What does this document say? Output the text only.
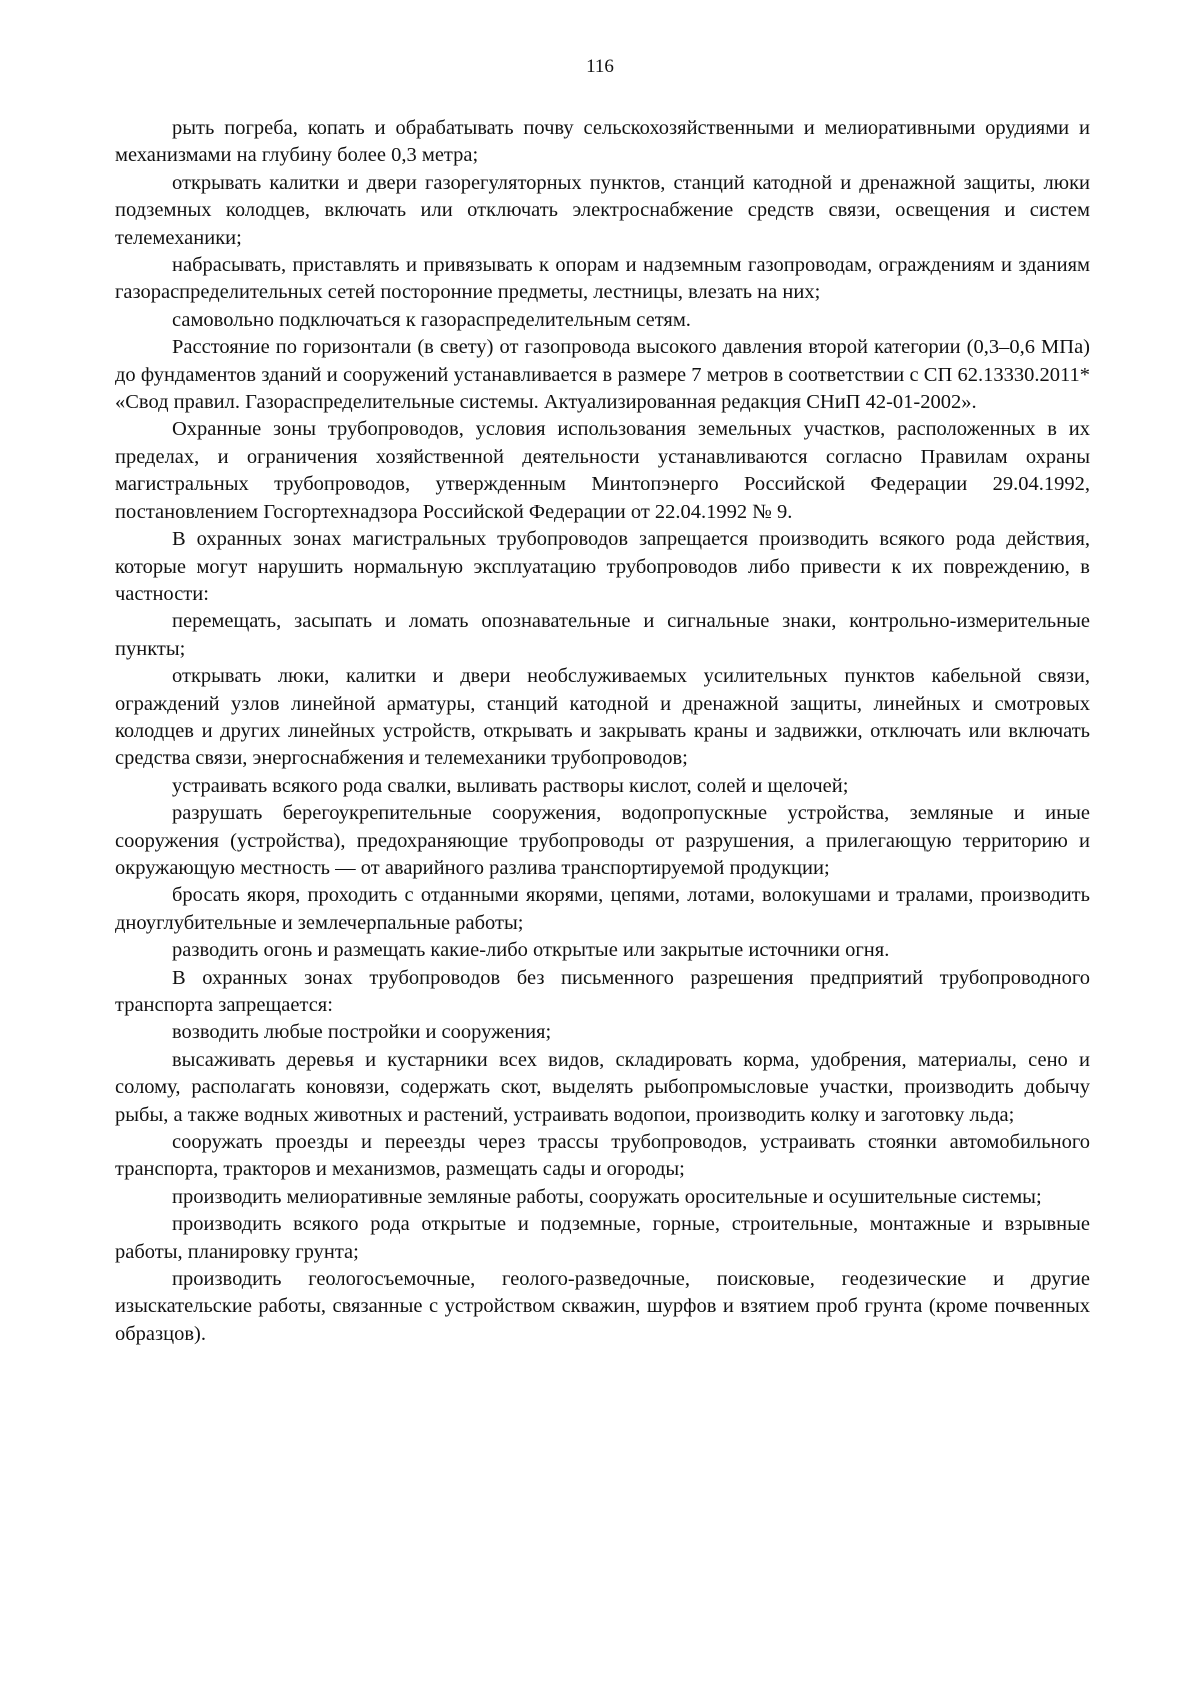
116

рыть погреба, копать и обрабатывать почву сельскохозяйственными и мелиоративными орудиями и механизмами на глубину более 0,3 метра;

открывать калитки и двери газорегуляторных пунктов, станций катодной и дренажной защиты, люки подземных колодцев, включать или отключать электроснабжение средств связи, освещения и систем телемеханики;

набрасывать, приставлять и привязывать к опорам и надземным газопроводам, ограждениям и зданиям газораспределительных сетей посторонние предметы, лестницы, влезать на них;

самовольно подключаться к газораспределительным сетям.

Расстояние по горизонтали (в свету) от газопровода высокого давления второй категории (0,3–0,6 МПа) до фундаментов зданий и сооружений устанавливается в размере 7 метров в соответствии с СП 62.13330.2011* «Свод правил. Газораспределительные системы. Актуализированная редакция СНиП 42-01-2002».

Охранные зоны трубопроводов, условия использования земельных участков, расположенных в их пределах, и ограничения хозяйственной деятельности устанавливаются согласно Правилам охраны магистральных трубопроводов, утвержденным Минтопэнерго Российской Федерации 29.04.1992, постановлением Госгортехнадзора Российской Федерации от 22.04.1992 № 9.

В охранных зонах магистральных трубопроводов запрещается производить всякого рода действия, которые могут нарушить нормальную эксплуатацию трубопроводов либо привести к их повреждению, в частности:

перемещать, засыпать и ломать опознавательные и сигнальные знаки, контрольно-измерительные пункты;

открывать люки, калитки и двери необслуживаемых усилительных пунктов кабельной связи, ограждений узлов линейной арматуры, станций катодной и дренажной защиты, линейных и смотровых колодцев и других линейных устройств, открывать и закрывать краны и задвижки, отключать или включать средства связи, энергоснабжения и телемеханики трубопроводов;

устраивать всякого рода свалки, выливать растворы кислот, солей и щелочей;

разрушать берегоукрепительные сооружения, водопропускные устройства, земляные и иные сооружения (устройства), предохраняющие трубопроводы от разрушения, а прилегающую территорию и окружающую местность — от аварийного разлива транспортируемой продукции;

бросать якоря, проходить с отданными якорями, цепями, лотами, волокушами и тралами, производить дноуглубительные и землечерпальные работы;

разводить огонь и размещать какие-либо открытые или закрытые источники огня.

В охранных зонах трубопроводов без письменного разрешения предприятий трубопроводного транспорта запрещается:

возводить любые постройки и сооружения;

высаживать деревья и кустарники всех видов, складировать корма, удобрения, материалы, сено и солому, располагать коновязи, содержать скот, выделять рыбопромысловые участки, производить добычу рыбы, а также водных животных и растений, устраивать водопои, производить колку и заготовку льда;

сооружать проезды и переезды через трассы трубопроводов, устраивать стоянки автомобильного транспорта, тракторов и механизмов, размещать сады и огороды;

производить мелиоративные земляные работы, сооружать оросительные и осушительные системы;

производить всякого рода открытые и подземные, горные, строительные, монтажные и взрывные работы, планировку грунта;

производить геологосъемочные, геолого-разведочные, поисковые, геодезические и другие изыскательские работы, связанные с устройством скважин, шурфов и взятием проб грунта (кроме почвенных образцов).
